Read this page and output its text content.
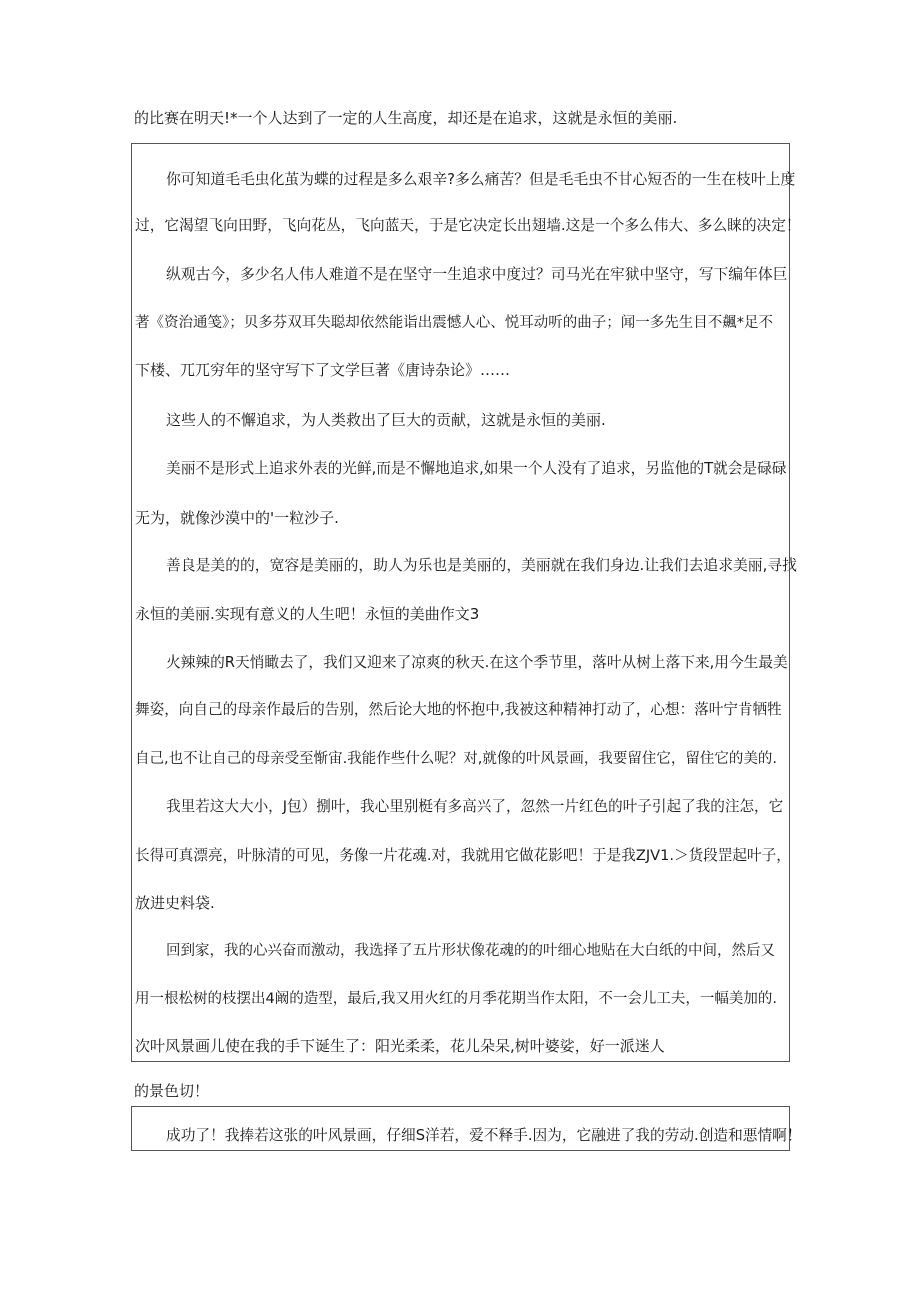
的比赛在明天!*一个人达到了一定的人生高度，却还是在追求，这就是永恒的美丽.
你可知道毛毛虫化茧为蝶的过程是多么艰辛?多么痛苦？但是毛毛虫不甘心短否的一生在枝叶上度
过，它渴望飞向田野，飞向花丛，飞向蓝天，于是它决定长出翅墙.这是一个多么伟大、多么睐的决定！
纵观古今，多少名人伟人难道不是在坚守一生追求中度过？司马光在牢狱中坚守，写下编年体巨
著《资治通笺》；贝多芬双耳失聪却依然能诣出震憾人心、悦耳动听的曲子；闻一多先生目不飆*足不
下楼、兀兀穷年的坚守写下了文学巨著《唐诗杂论》……
这些人的不懈追求，为人类救出了巨大的贡献，这就是永恒的美丽.
美丽不是形式上追求外表的光鲜,而是不懈地追求,如果一个人没有了追求，另监他的T就会是碌碌
无为，就像沙漠中的'一粒沙子.
善良是美的的，宽容是美丽的，助人为乐也是美丽的，美丽就在我们身边.让我们去追求美丽,寻找
永恒的美丽.实现有意义的人生吧！永恒的美曲作文3
火辣辣的R天悄瞰去了，我们又迎来了凉爽的秋天.在这个季节里，落叶从树上落下来,用今生最美
舞姿，向自己的母亲作最后的告别，然后论大地的怀抱中,我被这种精神打动了，心想：落叶宁肯牺牲
自己,也不让自己的母亲受至惭宙.我能作些什么呢？对,就像的叶风景画，我要留住它，留住它的美的.
我里若这大大小，J包）捌叶，我心里别梃有多高兴了，忽然一片红色的叶子引起了我的注怎，它
长得可真漂亮，叶脉清的可见，务像一片花魂.对，我就用它做花影吧！于是我ZJV1.＞货段罡起叶子，
放进史料袋.
回到家，我的心兴奋而激动，我选择了五片形状像花魂的的叶细心地贴在大白纸的中间，然后又
用一根松树的枝摆出4阚的造型，最后,我又用火红的月季花期当作太阳，不一会儿工夫，一幅美加的.
次叶风景画儿使在我的手下诞生了：阳光柔柔，花儿朵呆,树叶婆娑，好一派迷人
的景色切！
成功了！我捧若这张的叶风景画，仔细S洋若，爱不释手.因为，它融进了我的劳动.创造和悪情啊！
